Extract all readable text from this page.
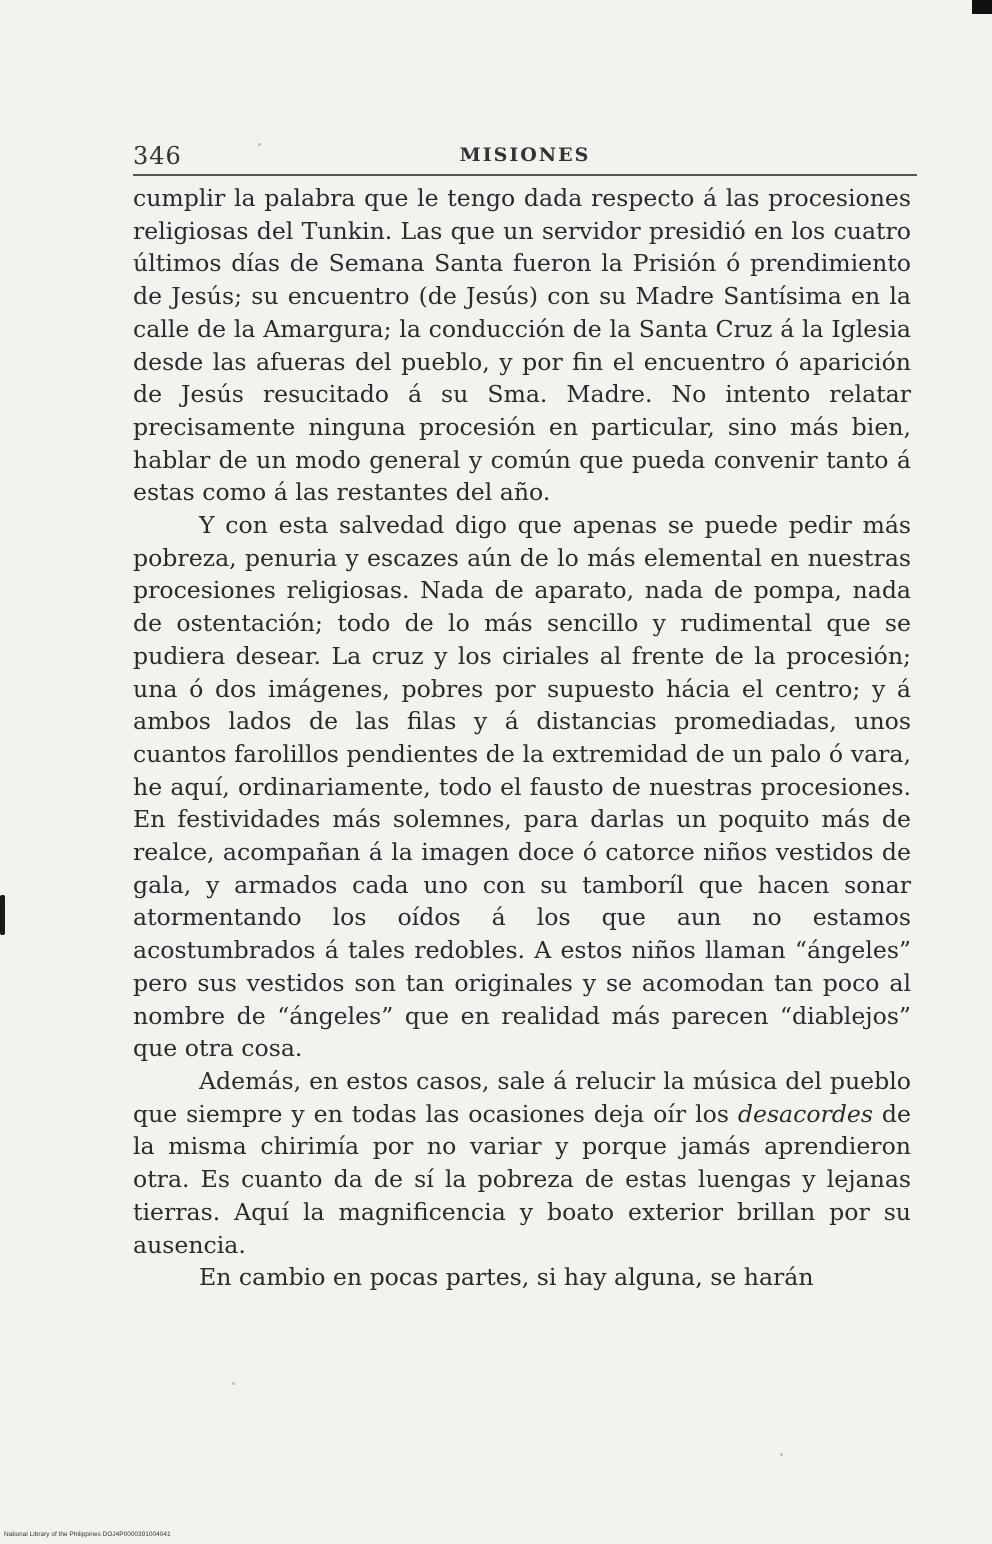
346	MISIONES

cumplir la palabra que le tengo dada respecto á las procesiones religiosas del Tunkin. Las que un servidor presidió en los cuatro últimos días de Semana Santa fueron la Prisión ó prendimiento de Jesús; su encuentro (de Jesús) con su Madre Santísima en la calle de la Amargura; la conducción de la Santa Cruz á la Iglesia desde las afueras del pueblo, y por fin el encuentro ó aparición de Jesús resucitado á su Sma. Madre. No intento relatar precisamente ninguna procesión en particular, sino más bien, hablar de un modo general y común que pueda convenir tanto á estas como á las restantes del año.

Y con esta salvedad digo que apenas se puede pedir más pobreza, penuria y escazes aún de lo más elemental en nuestras procesiones religiosas. Nada de aparato, nada de pompa, nada de ostentación; todo de lo más sencillo y rudimental que se pudiera desear. La cruz y los ciriales al frente de la procesión; una ó dos imágenes, pobres por supuesto hácia el centro; y á ambos lados de las filas y á distancias promediadas, unos cuantos farolillos pendientes de la extremidad de un palo ó vara, he aquí, ordinariamente, todo el fausto de nuestras procesiones. En festividades más solemnes, para darlas un poquito más de realce, acompañan á la imagen doce ó catorce niños vestidos de gala, y armados cada uno con su tamboríl que hacen sonar atormentando los oídos á los que aun no estamos acostumbrados á tales redobles. A estos niños llaman “ángeles” pero sus vestidos son tan originales y se acomodan tan poco al nombre de “ángeles” que en realidad más parecen “diablejos” que otra cosa.

Además, en estos casos, sale á relucir la música del pueblo que siempre y en todas las ocasiones deja oír los desacordes de la misma chirimía por no variar y porque jamás aprendieron otra. Es cuanto da de sí la pobreza de estas luengas y lejanas tierras. Aquí la magnificencia y boato exterior brillan por su ausencia.

En cambio en pocas partes, si hay alguna, se harán

National Library of the Philippines DOJ4P0000391004041
